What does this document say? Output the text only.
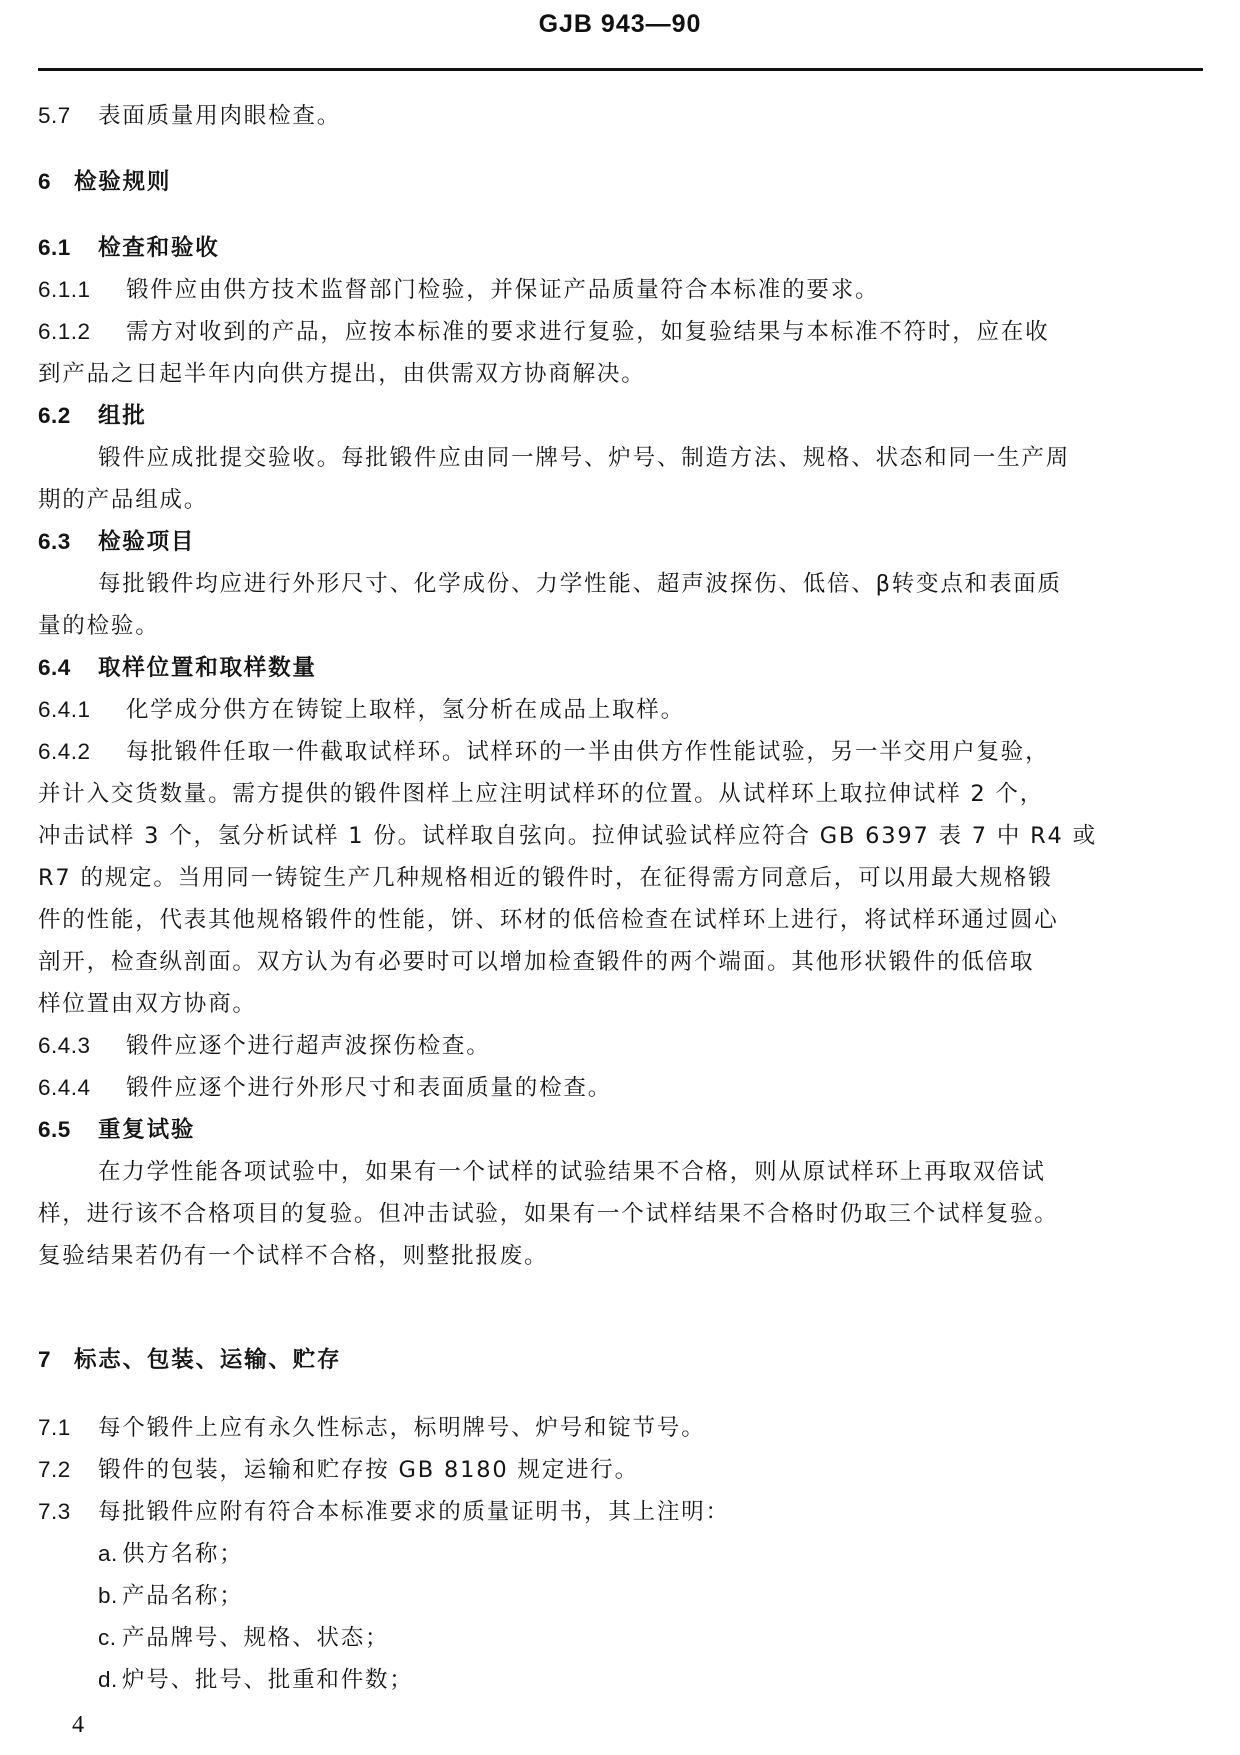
GJB 943—90
5.7 表面质量用肉眼检查。
6 检验规则
6.1 检查和验收
6.1.1 锻件应由供方技术监督部门检验，并保证产品质量符合本标准的要求。
6.1.2 需方对收到的产品，应按本标准的要求进行复验，如复验结果与本标准不符时，应在收
到产品之日起半年内向供方提出，由供需双方协商解决。
6.2 组批
锻件应成批提交验收。每批锻件应由同一牌号、炉号、制造方法、规格、状态和同一生产周
期的产品组成。
6.3 检验项目
每批锻件均应进行外形尺寸、化学成份、力学性能、超声波探伤、低倍、β转变点和表面质
量的检验。
6.4 取样位置和取样数量
6.4.1 化学成分供方在铸锭上取样，氢分析在成品上取样。
6.4.2 每批锻件任取一件截取试样环。试样环的一半由供方作性能试验，另一半交用户复验，
并计入交货数量。需方提供的锻件图样上应注明试样环的位置。从试样环上取拉伸试样 2 个，
冲击试样 3 个，氢分析试样 1 份。试样取自弦向。拉伸试验试样应符合 GB 6397 表 7 中 R4 或
R7 的规定。当用同一铸锭生产几种规格相近的锻件时，在征得需方同意后，可以用最大规格锻
件的性能，代表其他规格锻件的性能，饼、环材的低倍检查在试样环上进行，将试样环通过圆心
剖开，检查纵剖面。双方认为有必要时可以增加检查锻件的两个端面。其他形状锻件的低倍取
样位置由双方协商。
6.4.3 锻件应逐个进行超声波探伤检查。
6.4.4 锻件应逐个进行外形尺寸和表面质量的检查。
6.5 重复试验
在力学性能各项试验中，如果有一个试样的试验结果不合格，则从原试样环上再取双倍试
样，进行该不合格项目的复验。但冲击试验，如果有一个试样结果不合格时仍取三个试样复验。
复验结果若仍有一个试样不合格，则整批报废。
7 标志、包装、运输、贮存
7.1 每个锻件上应有永久性标志，标明牌号、炉号和锭节号。
7.2 锻件的包装，运输和贮存按 GB 8180 规定进行。
7.3 每批锻件应附有符合本标准要求的质量证明书，其上注明：
a. 供方名称；
b. 产品名称；
c. 产品牌号、规格、状态；
d. 炉号、批号、批重和件数；
4
